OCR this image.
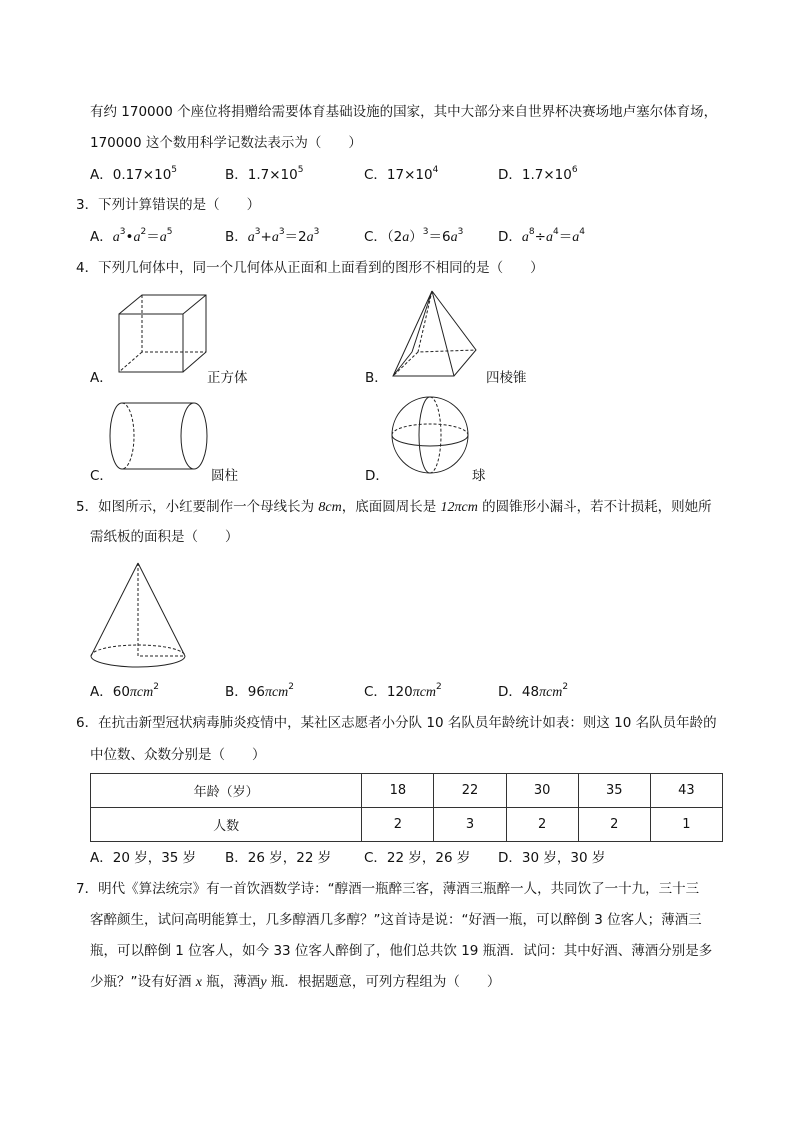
有约 170000 个座位将捐赠给需要体育基础设施的国家，其中大部分来自世界杯决赛场地卢塞尔体育场，
170000 这个数用科学记数法表示为（　　）
A．$0.17\times 10^5$	B．$1.7\times 10^5$	C．$17\times 10^4$	D．$1.7\times 10^6$
3．下列计算错误的是（　　）
A．$a^3•a^2=a^5$	B．$a^3+a^3=2a^3$	C．$(2a)^3=6a^3$	D．$a^8\div a^4=a^4$
4．下列几何体中，同一个几何体从正面和上面看到的图形不相同的是（　　）
A．	正方体	B．	四棱锥
C．	圆柱	D．	球
5．如图所示，小红要制作一个母线长为 8cm，底面圆周长是 12πcm 的圆锥形小漏斗，若不计损耗，则她所
需纸板的面积是（　　）
A．60πcm$^2$	B．96πcm$^2$	C．120πcm$^2$	D．48πcm$^2$
6．在抗击新型冠状病毒肺炎疫情中，某社区志愿者小分队 10 名队员年龄统计如表：则这 10 名队员年龄的
中位数、众数分别是（　　）
年龄（岁）	18	22	30	35	43
人数	2	3	2	2	1
A．20 岁，35 岁 B．26 岁，22 岁 C．22 岁，26 岁 D．30 岁，30 岁
7．明代《算法统宗》有一首饮酒数学诗：“醇酒一瓶醉三客，薄酒三瓶醉一人，共同饮了一十九，三十三
客醉颜生，试问高明能算士，几多醇酒几多醇？”这首诗是说：“好酒一瓶，可以醉倒 3 位客人；薄酒三
瓶，可以醉倒 1 位客人，如今 33 位客人醉倒了，他们总共饮 19 瓶酒．试问：其中好酒、薄酒分别是多
少瓶？”设有好酒 x 瓶，薄酒y 瓶．根据题意，可列方程组为（　　）
